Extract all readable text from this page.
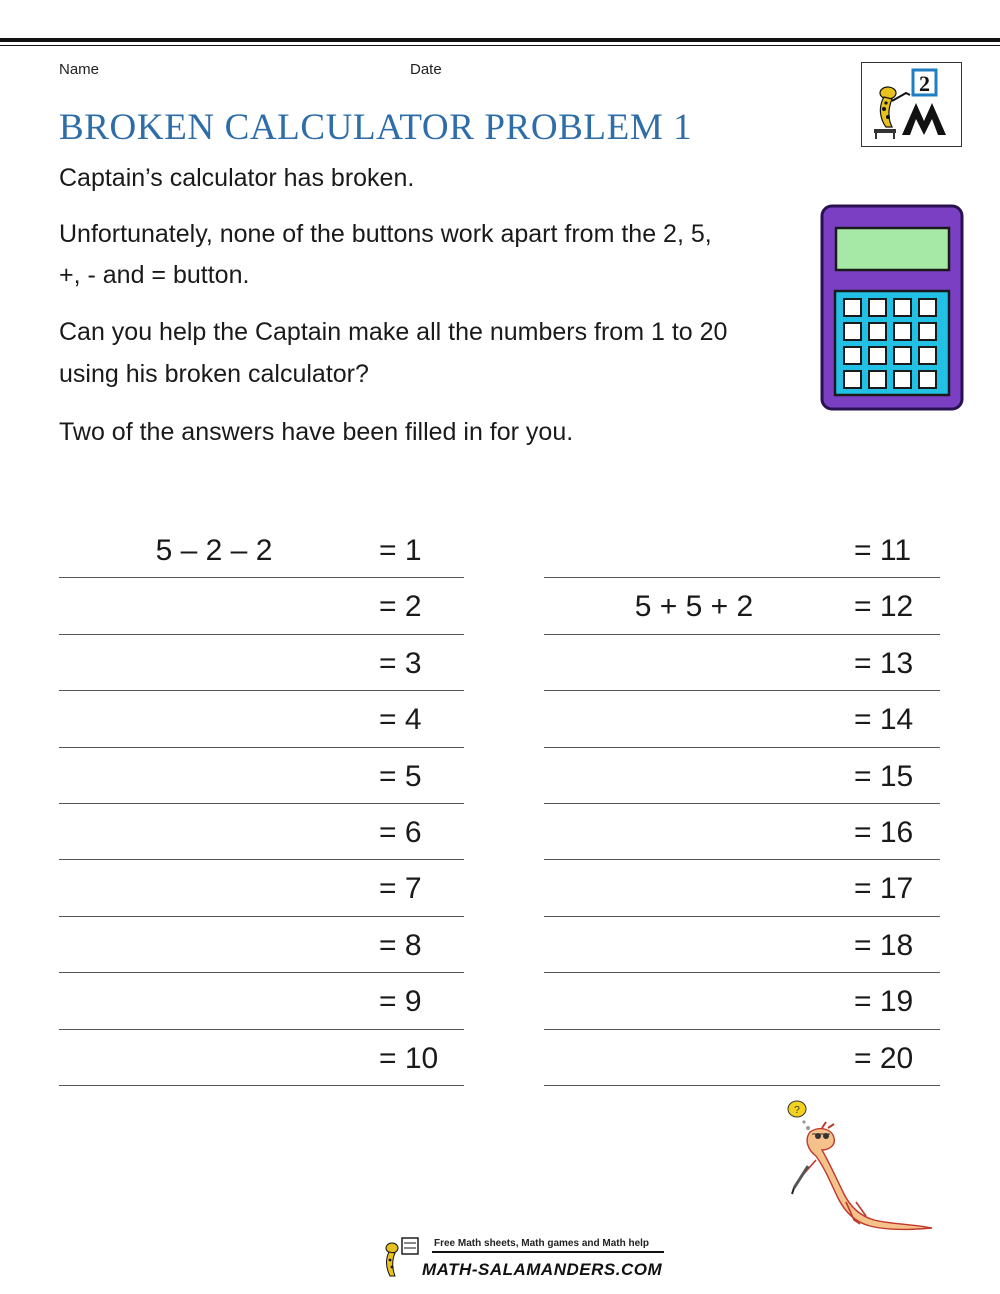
Name	Date
BROKEN CALCULATOR PROBLEM 1
2

Captain’s calculator has broken.

Unfortunately, none of the buttons work apart from the 2, 5,

+, - and = button.

Can you help the Captain make all the numbers from 1 to 20

using his broken calculator?

Two of the answers have been filled in for you.

5 – 2 – 2	= 1
= 2
= 3
= 4
= 5
= 6
= 7
= 8
= 9
= 10
= 11
5 + 5 + 2	= 12
= 13
= 14
= 15
= 16
= 17
= 18
= 19
= 20
?
Free Math sheets, Math games and Math help
MATH-SALAMANDERS.COM
